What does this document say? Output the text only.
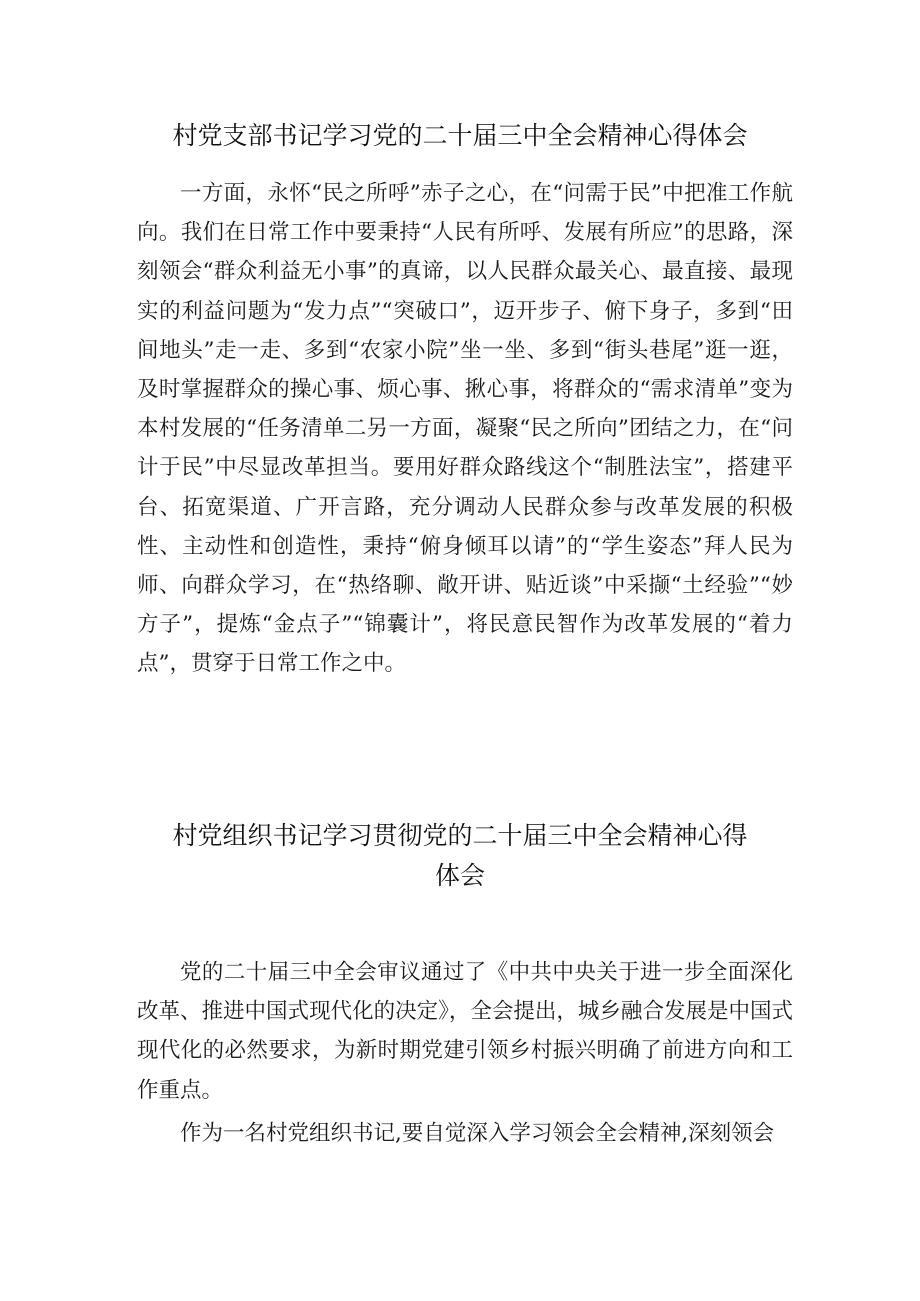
村党支部书记学习党的二十届三中全会精神心得体会

一方面，永怀“民之所呼”赤子之心，在“问需于民”中把准工作航向。我们在日常工作中要秉持“人民有所呼、发展有所应”的思路，深刻领会“群众利益无小事”的真谛，以人民群众最关心、最直接、最现实的利益问题为“发力点”“突破口”，迈开步子、俯下身子，多到“田间地头”走一走、多到“农家小院”坐一坐、多到“街头巷尾”逛一逛，及时掌握群众的操心事、烦心事、揪心事，将群众的“需求清单”变为本村发展的“任务清单二另一方面，凝聚“民之所向”团结之力，在“问计于民”中尽显改革担当。要用好群众路线这个“制胜法宝”，搭建平台、拓宽渠道、广开言路，充分调动人民群众参与改革发展的积极性、主动性和创造性，秉持“俯身倾耳以请”的“学生姿态”拜人民为师、向群众学习，在“热络聊、敞开讲、贴近谈”中采撷“土经验”“妙方子”，提炼“金点子”“锦囊计”，将民意民智作为改革发展的“着力点”，贯穿于日常工作之中。

村党组织书记学习贯彻党的二十届三中全会精神心得
体会

党的二十届三中全会审议通过了《中共中央关于进一步全面深化改革、推进中国式现代化的决定》，全会提出，城乡融合发展是中国式现代化的必然要求，为新时期党建引领乡村振兴明确了前进方向和工作重点。

作为一名村党组织书记,要自觉深入学习领会全会精神,深刻领会
